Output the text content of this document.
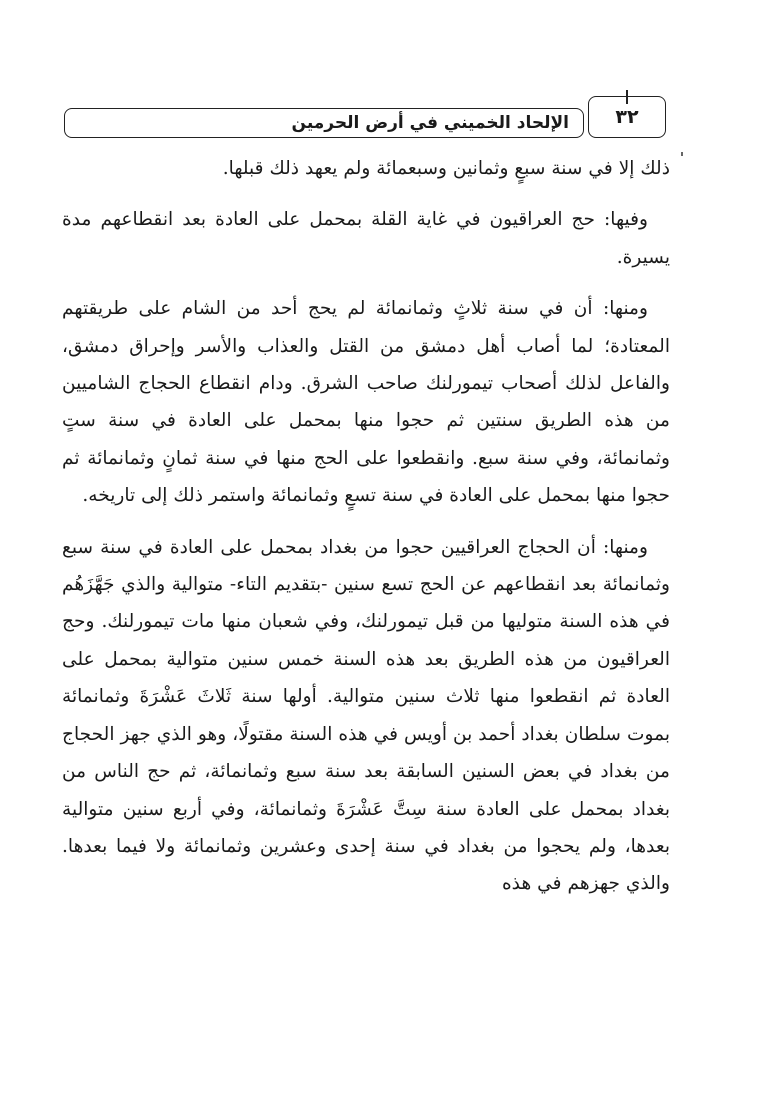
الإلحاد الخميني في أرض الحرمين	٣٢

ذلك إلا في سنة سبعٍ وثمانين وسبعمائة ولم يعهد ذلك قبلها.

وفيها: حج العراقيون في غاية القلة بمحمل على العادة بعد انقطاعهم مدة يسيرة.

ومنها: أن في سنة ثلاثٍ وثمانمائة لم يحج أحد من الشام على طريقتهم المعتادة؛ لما أصاب أهل دمشق من القتل والعذاب والأسر وإحراق دمشق، والفاعل لذلك أصحاب تيمورلنك صاحب الشرق. ودام انقطاع الحجاج الشاميين من هذه الطريق سنتين ثم حجوا منها بمحمل على العادة في سنة ستٍ وثمانمائة، وفي سنة سبع. وانقطعوا على الحج منها في سنة ثمانٍ وثمانمائة ثم حجوا منها بمحمل على العادة في سنة تسعٍ وثمانمائة واستمر ذلك إلى تاريخه.

ومنها: أن الحجاج العراقيين حجوا من بغداد بمحمل على العادة في سنة سبع وثمانمائة بعد انقطاعهم عن الحج تسع سنين -بتقديم التاء- متوالية والذي جَهَّزَهُم في هذه السنة متوليها من قبل تيمورلنك، وفي شعبان منها مات تيمورلنك. وحج العراقيون من هذه الطريق بعد هذه السنة خمس سنين متوالية بمحمل على العادة ثم انقطعوا منها ثلاث سنين متوالية. أولها سنة ثَلاثَ عَشْرَةَ وثمانمائة بموت سلطان بغداد أحمد بن أويس في هذه السنة مقتولًا، وهو الذي جهز الحجاج من بغداد في بعض السنين السابقة بعد سنة سبع وثمانمائة، ثم حج الناس من بغداد بمحمل على العادة سنة سِتَّ عَشْرَةَ وثمانمائة، وفي أربع سنين متوالية بعدها، ولم يحجوا من بغداد في سنة إحدى وعشرين وثمانمائة ولا فيما بعدها. والذي جهزهم في هذه
